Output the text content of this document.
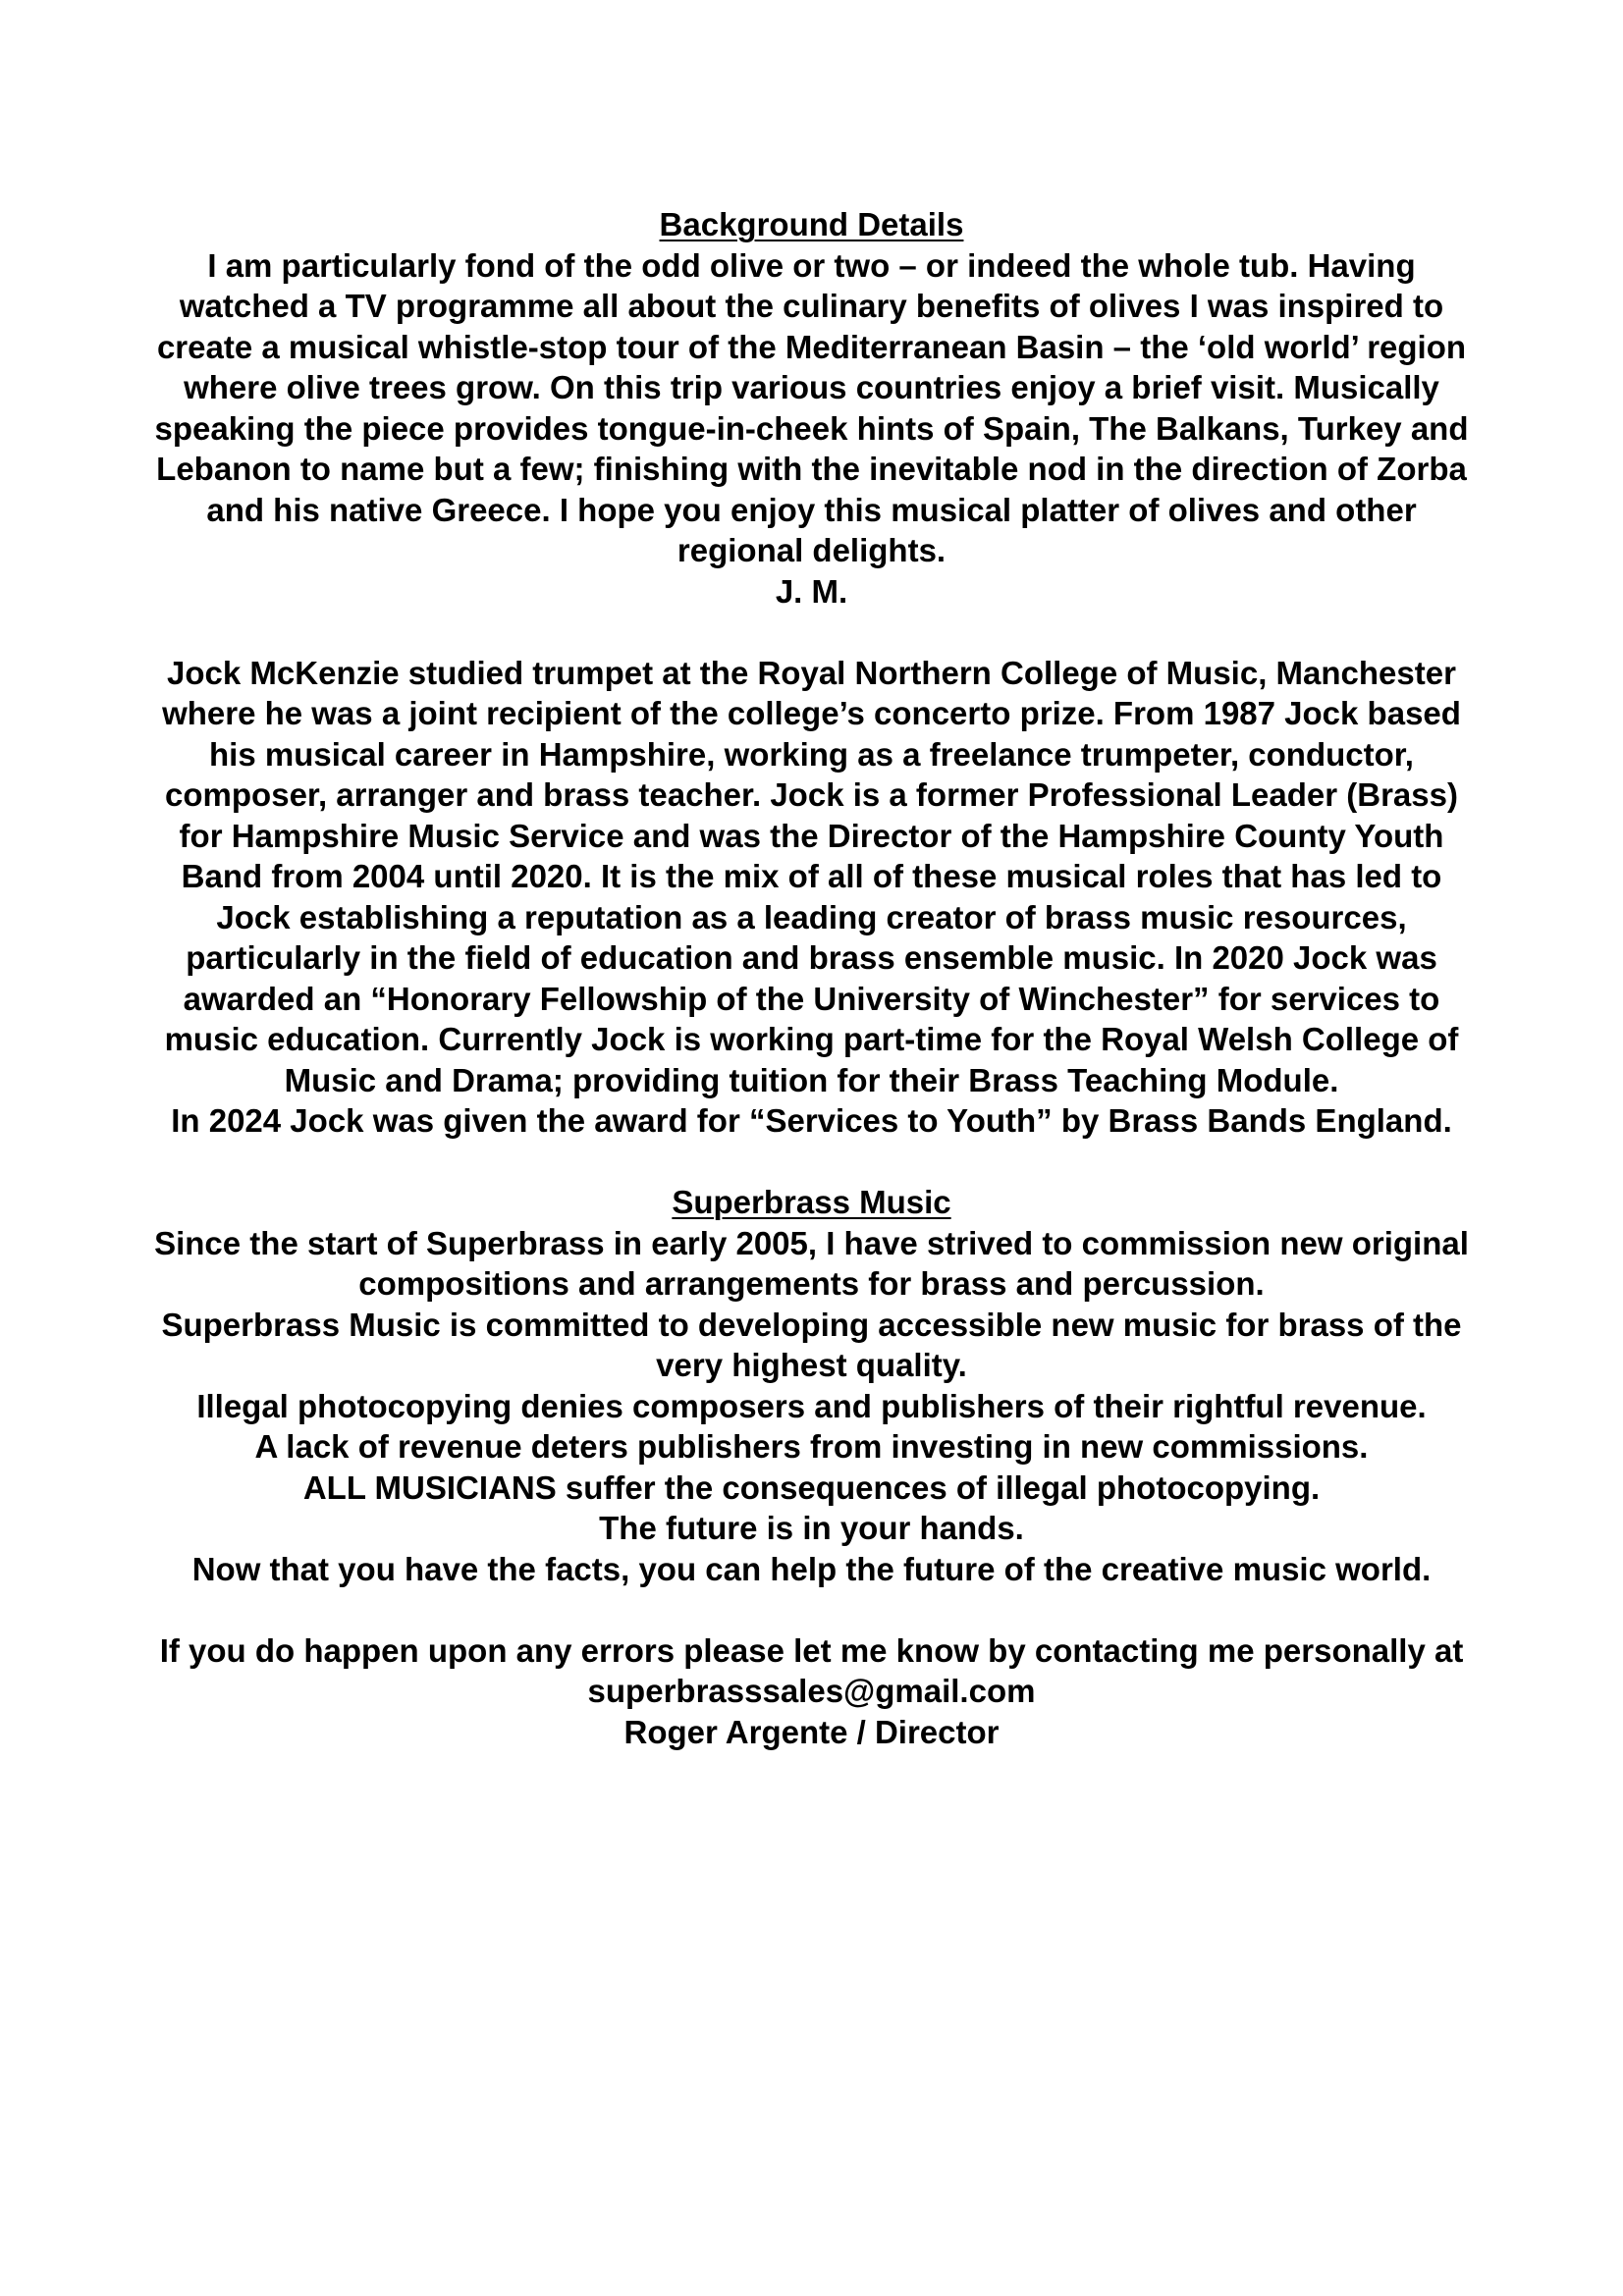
Background Details

I am particularly fond of the odd olive or two – or indeed the whole tub. Having watched a TV programme all about the culinary benefits of olives I was inspired to create a musical whistle-stop tour of the Mediterranean Basin – the ‘old world’ region where olive trees grow. On this trip various countries enjoy a brief visit. Musically speaking the piece provides tongue-in-cheek hints of Spain, The Balkans, Turkey and Lebanon to name but a few; finishing with the inevitable nod in the direction of Zorba and his native Greece. I hope you enjoy this musical platter of olives and other regional delights.

J. M.

Jock McKenzie studied trumpet at the Royal Northern College of Music, Manchester where he was a joint recipient of the college’s concerto prize. From 1987 Jock based his musical career in Hampshire, working as a freelance trumpeter, conductor, composer, arranger and brass teacher. Jock is a former Professional Leader (Brass) for Hampshire Music Service and was the Director of the Hampshire County Youth Band from 2004 until 2020. It is the mix of all of these musical roles that has led to Jock establishing a reputation as a leading creator of brass music resources, particularly in the field of education and brass ensemble music. In 2020 Jock was awarded an “Honorary Fellowship of the University of Winchester” for services to music education. Currently Jock is working part-time for the Royal Welsh College of Music and Drama; providing tuition for their Brass Teaching Module.

In 2024 Jock was given the award for “Services to Youth” by Brass Bands England.

Superbrass Music

Since the start of Superbrass in early 2005, I have strived to commission new original compositions and arrangements for brass and percussion.

Superbrass Music is committed to developing accessible new music for brass of the very highest quality.

Illegal photocopying denies composers and publishers of their rightful revenue.

A lack of revenue deters publishers from investing in new commissions.

ALL MUSICIANS suffer the consequences of illegal photocopying.

The future is in your hands.

Now that you have the facts, you can help the future of the creative music world.

If you do happen upon any errors please let me know by contacting me personally at superbrasssales@gmail.com

Roger Argente / Director
